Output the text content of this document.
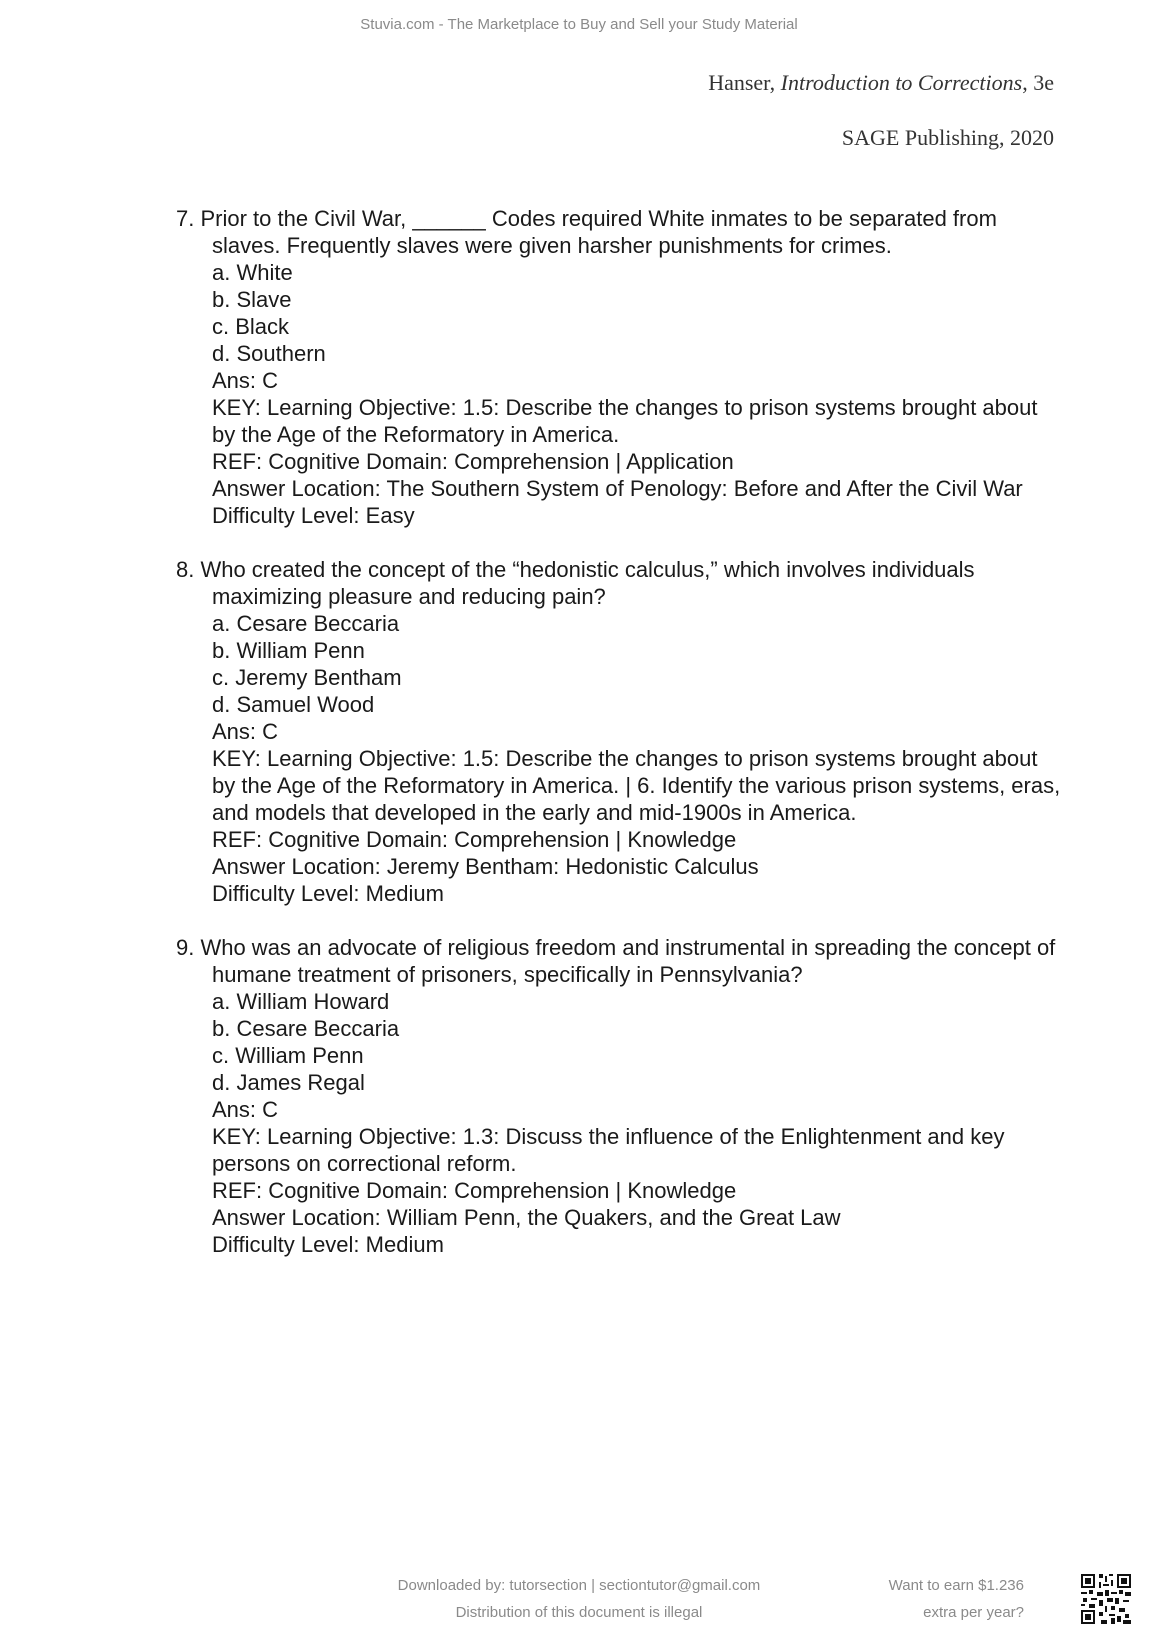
Stuvia.com - The Marketplace to Buy and Sell your Study Material
Hanser, Introduction to Corrections, 3e
SAGE Publishing, 2020
7. Prior to the Civil War, ______ Codes required White inmates to be separated from slaves. Frequently slaves were given harsher punishments for crimes.
a. White
b. Slave
c. Black
d. Southern
Ans: C
KEY: Learning Objective: 1.5: Describe the changes to prison systems brought about by the Age of the Reformatory in America.
REF: Cognitive Domain: Comprehension | Application
Answer Location: The Southern System of Penology: Before and After the Civil War
Difficulty Level: Easy
8. Who created the concept of the “hedonistic calculus,” which involves individuals maximizing pleasure and reducing pain?
a. Cesare Beccaria
b. William Penn
c. Jeremy Bentham
d. Samuel Wood
Ans: C
KEY: Learning Objective: 1.5: Describe the changes to prison systems brought about by the Age of the Reformatory in America. | 6. Identify the various prison systems, eras, and models that developed in the early and mid-1900s in America.
REF: Cognitive Domain: Comprehension | Knowledge
Answer Location: Jeremy Bentham: Hedonistic Calculus
Difficulty Level: Medium
9. Who was an advocate of religious freedom and instrumental in spreading the concept of humane treatment of prisoners, specifically in Pennsylvania?
a. William Howard
b. Cesare Beccaria
c. William Penn
d. James Regal
Ans: C
KEY: Learning Objective: 1.3: Discuss the influence of the Enlightenment and key persons on correctional reform.
REF: Cognitive Domain: Comprehension | Knowledge
Answer Location: William Penn, the Quakers, and the Great Law
Difficulty Level: Medium
Downloaded by: tutorsection | sectiontutor@gmail.com
Distribution of this document is illegal
Want to earn $1.236
extra per year?
